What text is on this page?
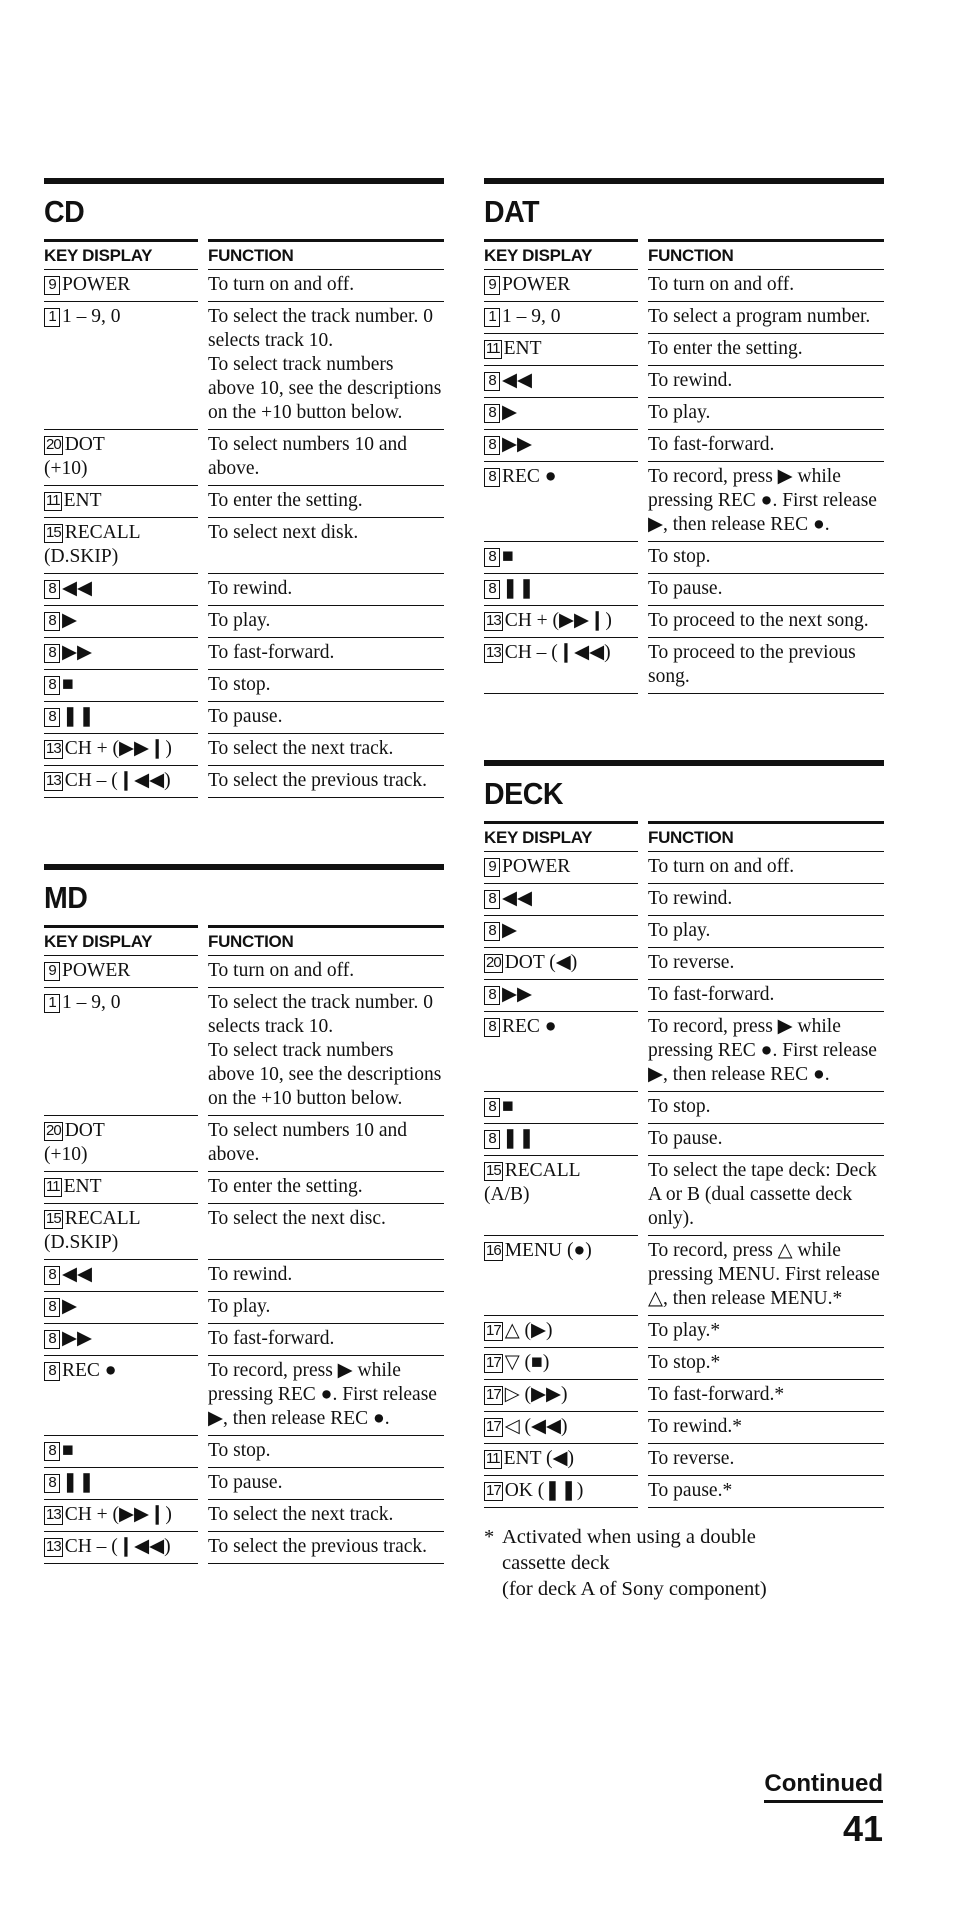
CD
KEY DISPLAY		FUNCTION
9 POWER		To turn on and off.
1 1 – 9, 0		To select the track number. 0 selects track 10.
To select track numbers above 10, see the descriptions on the +10 button below.
20 DOT
(+10)		To select numbers 10 and above.
11 ENT		To enter the setting.
15 RECALL
(D.SKIP)		To select next disk.
8 ◀◀		To rewind.
8 ▶		To play.
8 ▶▶		To fast-forward.
8 ■		To stop.
8 ❚❚		To pause.
13 CH + (▶▶❙)		To select the next track.
13 CH – (❙◀◀)		To select the previous track.
MD
KEY DISPLAY		FUNCTION
9 POWER		To turn on and off.
1 1 – 9, 0		To select the track number. 0 selects track 10.
To select track numbers above 10, see the descriptions on the +10 button below.
20 DOT
(+10)		To select numbers 10 and above.
11 ENT		To enter the setting.
15 RECALL
(D.SKIP)		To select the next disc.
8 ◀◀		To rewind.
8 ▶		To play.
8 ▶▶		To fast-forward.
8 REC ●		To record, press ▶ while pressing REC ●. First release ▶, then release REC ●.
8 ■		To stop.
8 ❚❚		To pause.
13 CH + (▶▶❙)		To select the next track.
13 CH – (❙◀◀)		To select the previous track.
DAT
KEY DISPLAY		FUNCTION
9 POWER		To turn on and off.
1 1 – 9, 0		To select a program number.
11 ENT		To enter the setting.
8 ◀◀		To rewind.
8 ▶		To play.
8 ▶▶		To fast-forward.
8 REC ●		To record, press ▶ while pressing REC ●. First release ▶, then release REC ●.
8 ■		To stop.
8 ❚❚		To pause.
13 CH + (▶▶❙)		To proceed to the next song.
13 CH – (❙◀◀)		To proceed to the previous song.
DECK
KEY DISPLAY		FUNCTION
9 POWER		To turn on and off.
8 ◀◀		To rewind.
8 ▶		To play.
20 DOT (◀)		To reverse.
8 ▶▶		To fast-forward.
8 REC ●		To record, press ▶ while pressing REC ●. First release ▶, then release REC ●.
8 ■		To stop.
8 ❚❚		To pause.
15 RECALL
(A/B)		To select the tape deck: Deck A or B (dual cassette deck only).
16 MENU (●)		To record, press △ while pressing MENU. First release △, then release MENU.*
17 △ (▶)		To play.*
17 ▽ (■)		To stop.*
17 ▷ (▶▶)		To fast-forward.*
17 ◁ (◀◀)		To rewind.*
11 ENT (◀)		To reverse.
17 OK (❚❚)		To pause.*
* Activated when using a double
cassette deck
(for deck A of Sony component)
Continued
41
